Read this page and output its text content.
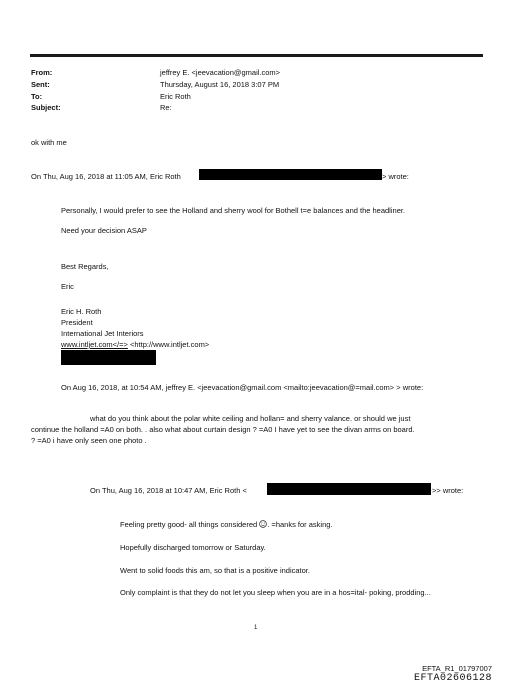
From:	jeffrey E. <jeevacation@gmail.com>
Sent:	Thursday, August 16, 2018 3:07 PM
To:	Eric Roth
Subject:	Re:
ok with me
On Thu, Aug 16, 2018 at 11:05 AM, Eric Roth	> wrote:
Personally, I would prefer to see the Holland and sherry wool for Bothell t=e balances and the headliner.
Need your decision ASAP
Best Regards,
Eric
Eric H. Roth
President
International Jet Interiors
www.intljet.com</=> <http://www.intljet.com>
On Aug 16, 2018, at 10:54 AM, jeffrey E. <jeevacation@gmail.com <mailto:jeevacation@=mail.com> > wrote:
what do you think about the polar white ceiling and hollan= and sherry valance. or should we just
continue the holland =A0 on both. . also what about curtain design ? =A0 I have yet to see the divan arms on board.
? =A0 i have only seen one photo .
On Thu, Aug 16, 2018 at 10:47 AM, Eric Roth <	>> wrote:
Feeling pretty good- all things considered . =hanks for asking.
Hopefully discharged tomorrow or Saturday.
Went to solid foods this am, so that is a positive indicator.
Only complaint is that they do not let you sleep when you are in a hos=ital- poking, prodding...
1
EFTA_R1_01797007
EFTA02606128
